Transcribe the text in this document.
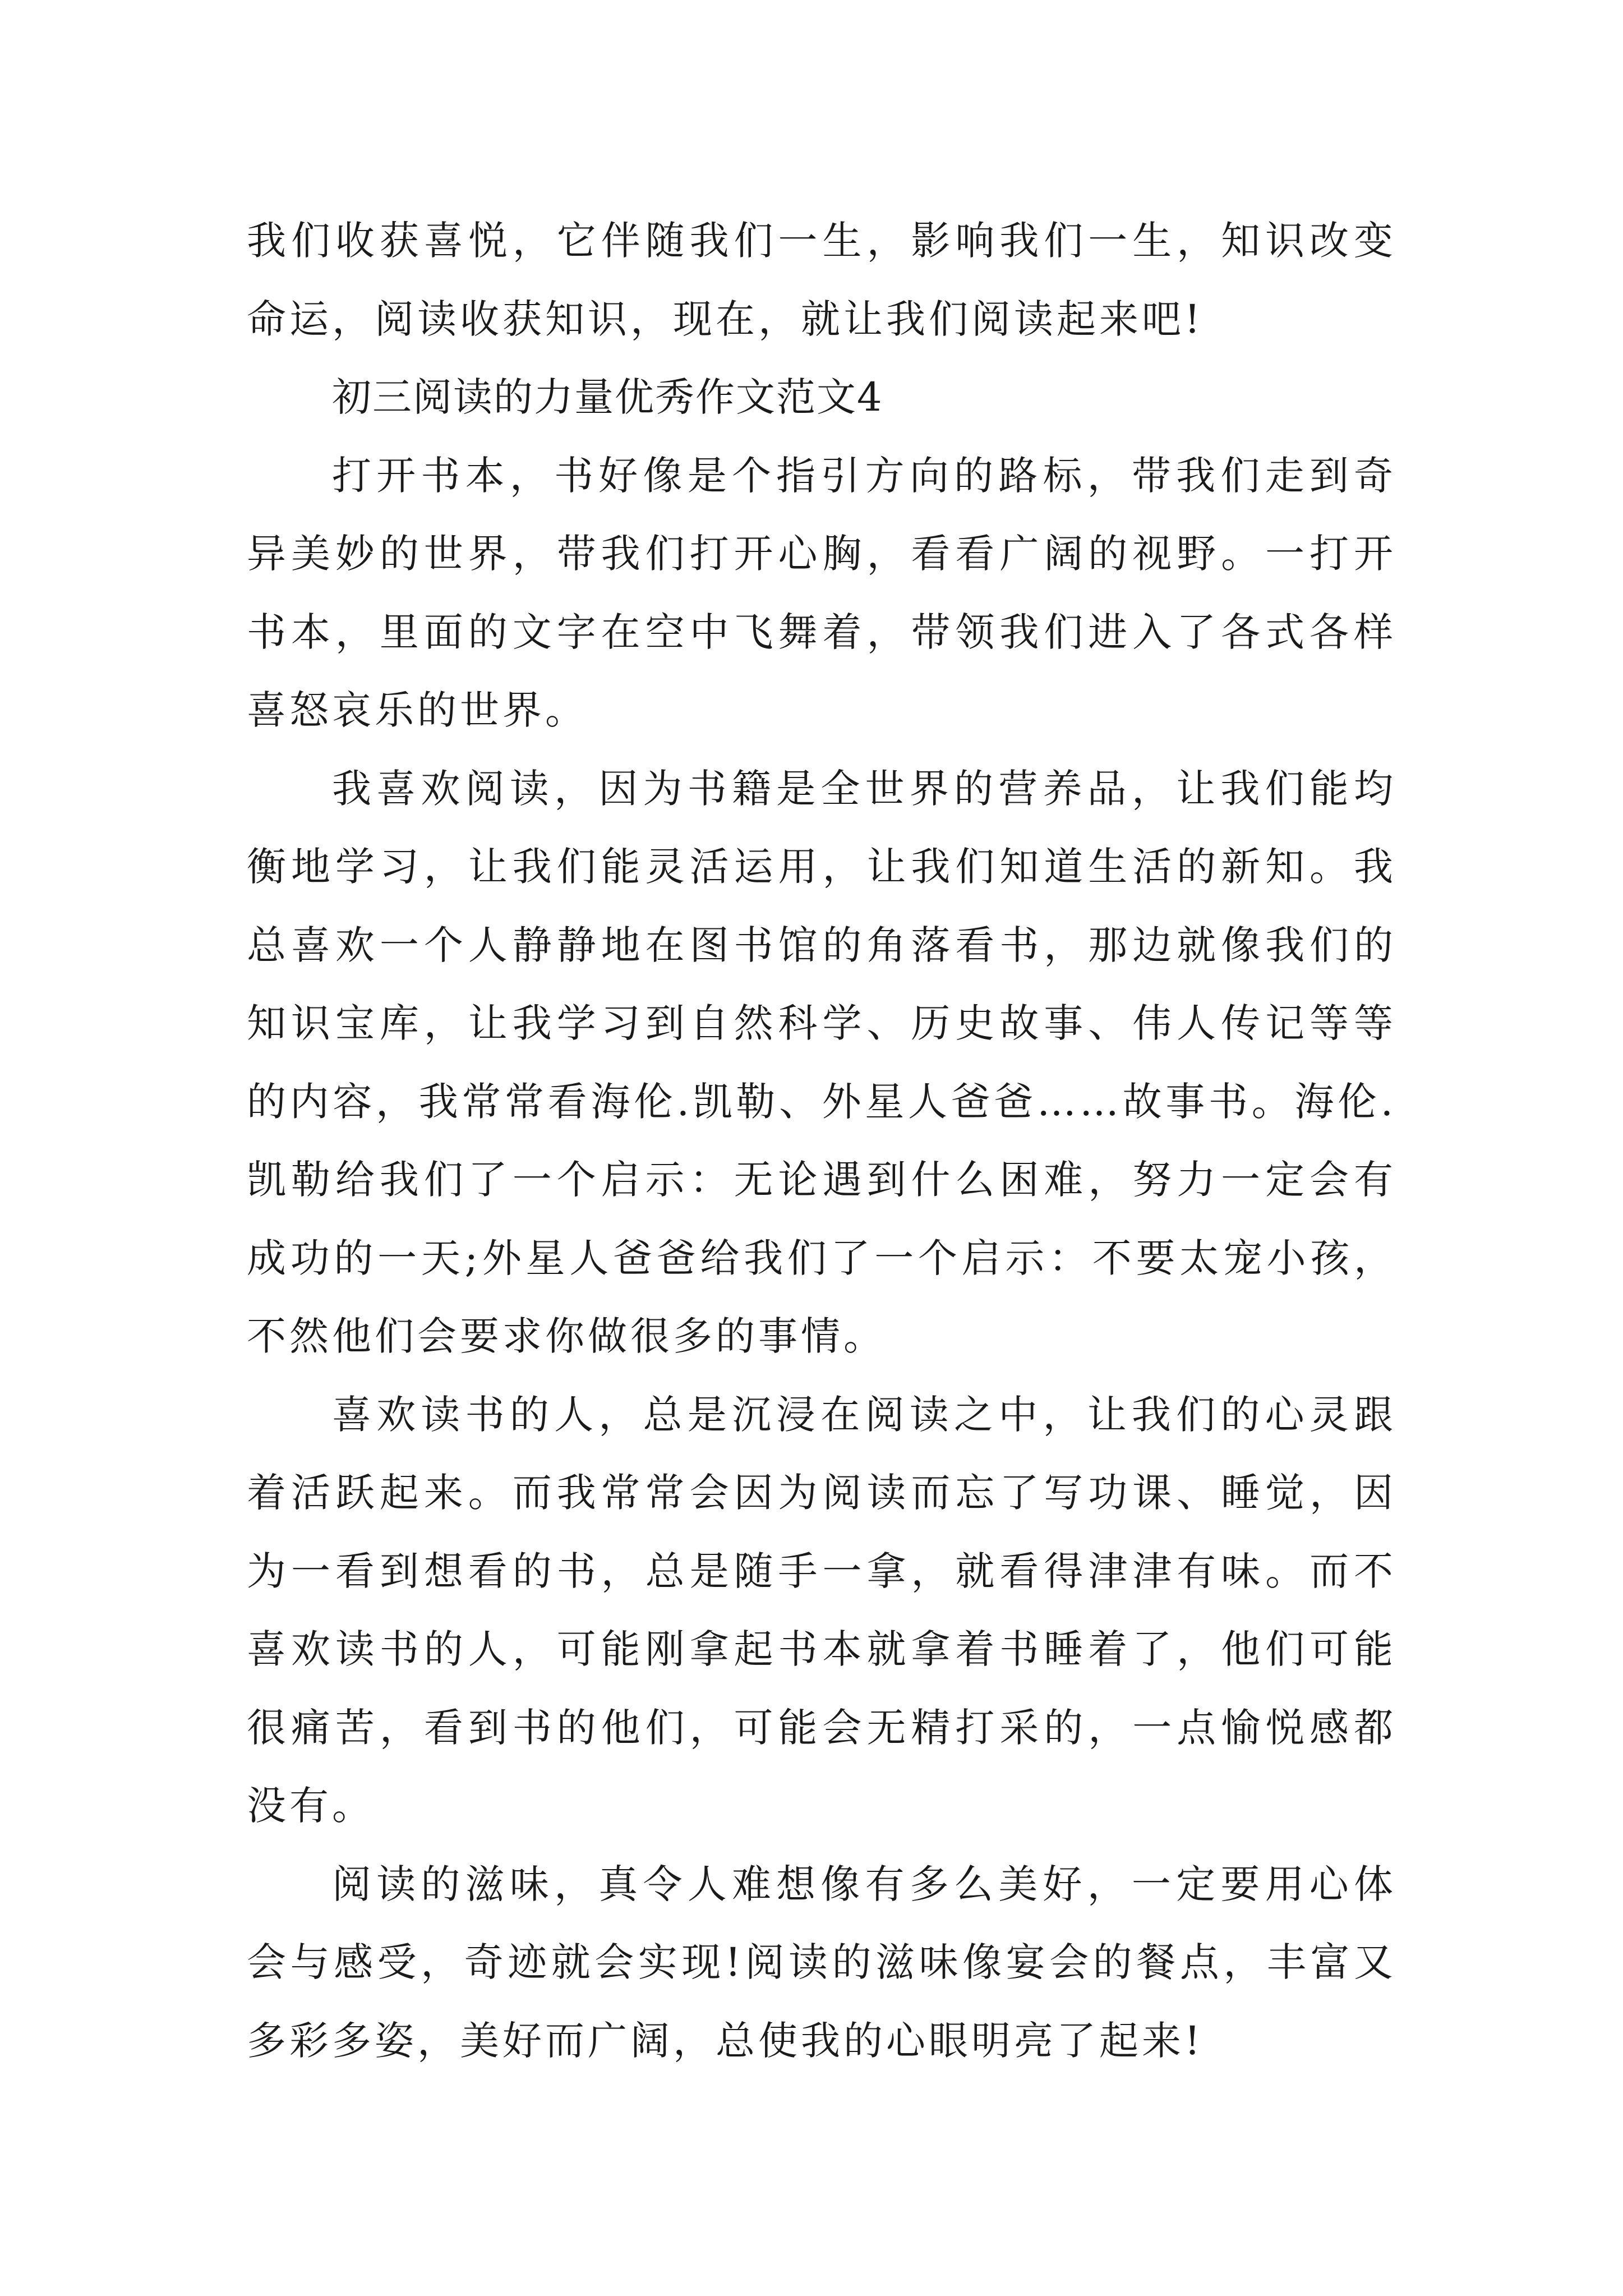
我们收获喜悦，它伴随我们一生，影响我们一生，知识改变命运，阅读收获知识，现在，就让我们阅读起来吧!

初三阅读的力量优秀作文范文4

打开书本，书好像是个指引方向的路标，带我们走到奇异美妙的世界，带我们打开心胸，看看广阔的视野。一打开书本，里面的文字在空中飞舞着，带领我们进入了各式各样喜怒哀乐的世界。

我喜欢阅读，因为书籍是全世界的营养品，让我们能均衡地学习，让我们能灵活运用，让我们知道生活的新知。我总喜欢一个人静静地在图书馆的角落看书，那边就像我们的知识宝库，让我学习到自然科学、历史故事、伟人传记等等的内容，我常常看海伦.凯勒、外星人爸爸……故事书。海伦.凯勒给我们了一个启示：无论遇到什么困难，努力一定会有成功的一天;外星人爸爸给我们了一个启示：不要太宠小孩，不然他们会要求你做很多的事情。

喜欢读书的人，总是沉浸在阅读之中，让我们的心灵跟着活跃起来。而我常常会因为阅读而忘了写功课、睡觉，因为一看到想看的书，总是随手一拿，就看得津津有味。而不喜欢读书的人，可能刚拿起书本就拿着书睡着了，他们可能很痛苦，看到书的他们，可能会无精打采的，一点愉悦感都没有。

阅读的滋味，真令人难想像有多么美好，一定要用心体会与感受，奇迹就会实现!阅读的滋味像宴会的餐点，丰富又多彩多姿，美好而广阔，总使我的心眼明亮了起来!
